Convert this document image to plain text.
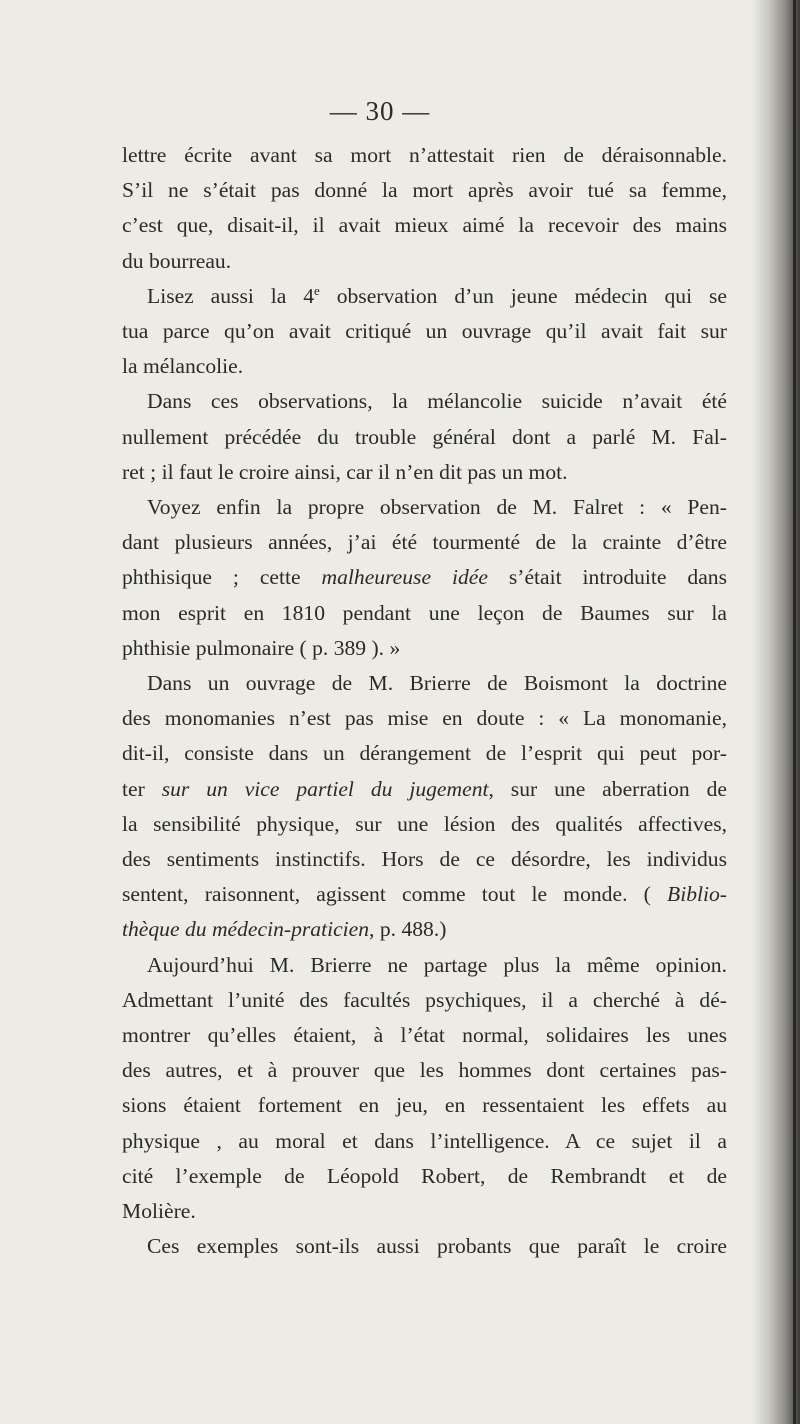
— 30 —
lettre écrite avant sa mort n’attestait rien de déraisonnable.
S’il ne s’était pas donné la mort après avoir tué sa femme,
c’est que, disait-il, il avait mieux aimé la recevoir des mains
du bourreau.
Lisez aussi la 4e observation d’un jeune médecin qui se
tua parce qu’on avait critiqué un ouvrage qu’il avait fait sur
la mélancolie.
Dans ces observations, la mélancolie suicide n’avait été
nullement précédée du trouble général dont a parlé M. Fal-
ret ; il faut le croire ainsi, car il n’en dit pas un mot.
Voyez enfin la propre observation de M. Falret : « Pen-
dant plusieurs années, j’ai été tourmenté de la crainte d’être
phthisique ; cette malheureuse idée s’était introduite dans
mon esprit en 1810 pendant une leçon de Baumes sur la
phthisie pulmonaire ( p. 389 ). »
Dans un ouvrage de M. Brierre de Boismont la doctrine
des monomanies n’est pas mise en doute : « La monomanie,
dit-il, consiste dans un dérangement de l’esprit qui peut por-
ter sur un vice partiel du jugement, sur une aberration de
la sensibilité physique, sur une lésion des qualités affectives,
des sentiments instinctifs. Hors de ce désordre, les individus
sentent, raisonnent, agissent comme tout le monde. ( Biblio-
thèque du médecin-praticien, p. 488.)
Aujourd’hui M. Brierre ne partage plus la même opinion.
Admettant l’unité des facultés psychiques, il a cherché à dé-
montrer qu’elles étaient, à l’état normal, solidaires les unes
des autres, et à prouver que les hommes dont certaines pas-
sions étaient fortement en jeu, en ressentaient les effets au
physique , au moral et dans l’intelligence. A ce sujet il a
cité l’exemple de Léopold Robert, de Rembrandt et de
Molière.
Ces exemples sont-ils aussi probants que paraît le croire
